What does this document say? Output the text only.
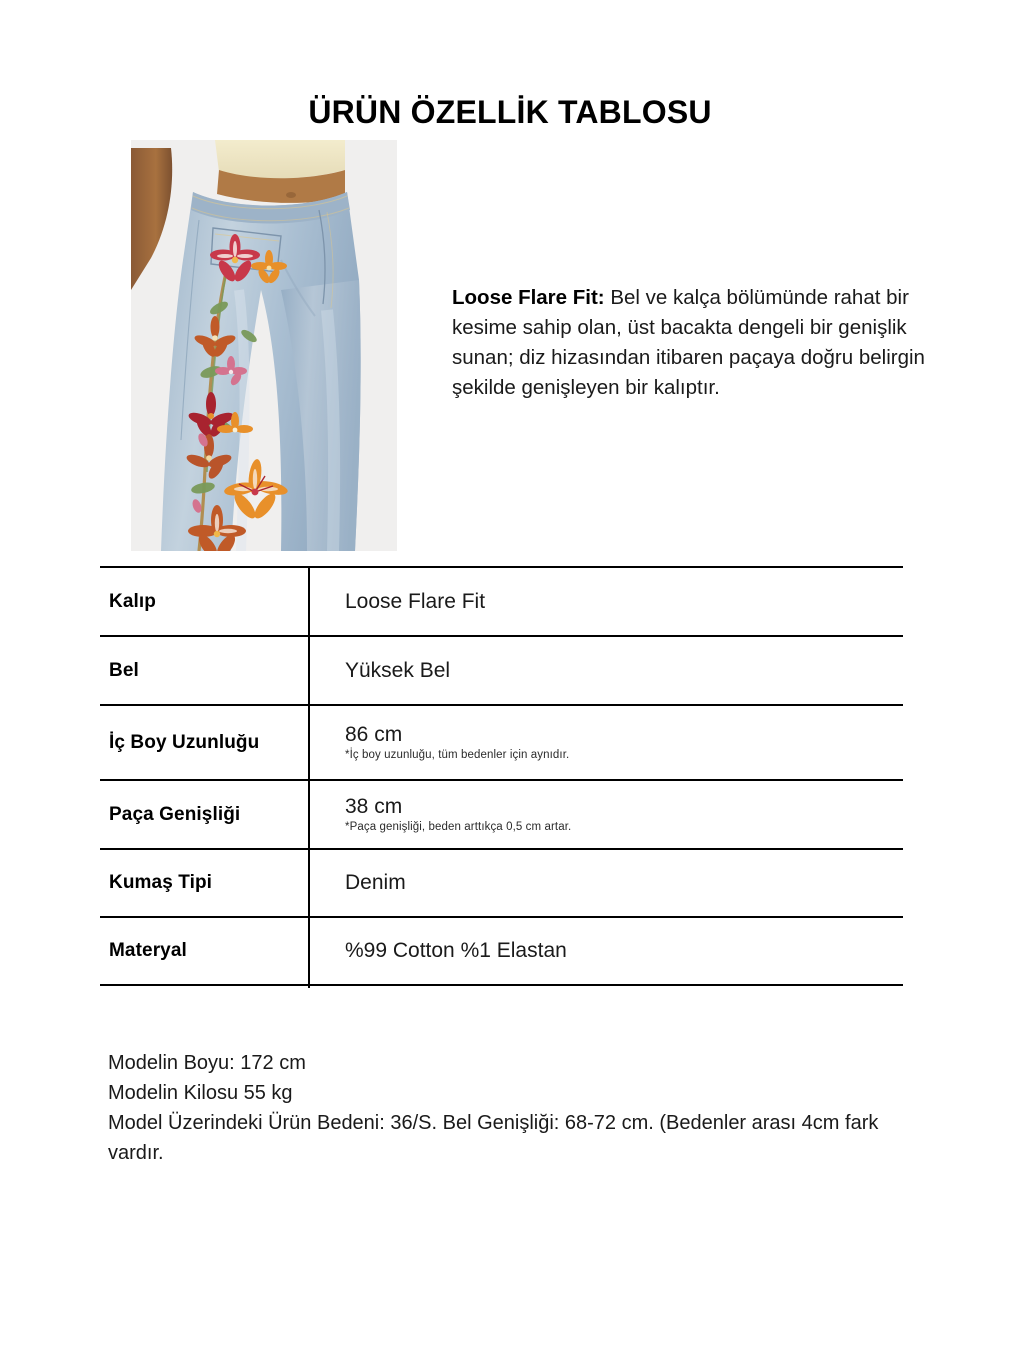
ÜRÜN ÖZELLİK TABLOSU

Loose Flare Fit: Bel ve kalça bölümünde rahat bir kesime sahip olan, üst bacakta dengeli bir genişlik sunan; diz hizasından itibaren paçaya doğru belirgin şekilde genişleyen bir kalıptır.

Kalıp	Loose Flare Fit
Bel	Yüksek Bel
İç Boy Uzunluğu	86 cm
*İç boy uzunluğu, tüm bedenler için aynıdır.
Paça Genişliği	38 cm
*Paça genişliği, beden arttıkça 0,5 cm artar.
Kumaş Tipi	Denim
Materyal	%99 Cotton %1 Elastan
Modelin Boyu: 172 cm
Modelin Kilosu 55 kg
Model Üzerindeki Ürün Bedeni: 36/S. Bel Genişliği: 68-72 cm. (Bedenler arası 4cm fark vardır.
